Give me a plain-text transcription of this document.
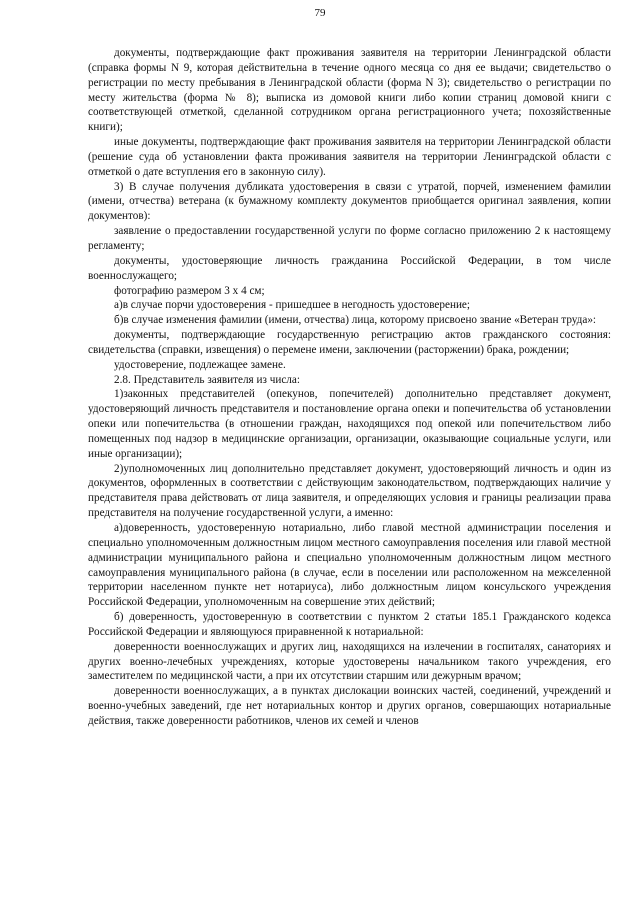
79

документы, подтверждающие факт проживания заявителя на территории Ленинградской области (справка формы N 9, которая действительна в течение одного месяца со дня ее выдачи; свидетельство о регистрации по месту пребывания в Ленинградской области (форма N 3); свидетельство о регистрации по месту жительства (форма № 8); выписка из домовой книги либо копии страниц домовой книги с соответствующей отметкой, сделанной сотрудником органа регистрационного учета; похозяйственные книги);

иные документы, подтверждающие факт проживания заявителя на территории Ленинградской области (решение суда об установлении факта проживания заявителя на территории Ленинградской области с отметкой о дате вступления его в законную силу).

3) В случае получения дубликата удостоверения в связи с утратой, порчей, изменением фамилии (имени, отчества) ветерана (к бумажному комплекту документов приобщается оригинал заявления, копии документов):

заявление о предоставлении государственной услуги по форме согласно приложению 2 к настоящему регламенту;

документы, удостоверяющие личность гражданина Российской Федерации, в том числе военнослужащего;

фотографию размером 3 х 4 см;

а)в случае порчи удостоверения - пришедшее в негодность удостоверение;

б)в случае изменения фамилии (имени, отчества) лица, которому присвоено звание «Ветеран труда»:

документы, подтверждающие государственную регистрацию актов гражданского состояния: свидетельства (справки, извещения) о перемене имени, заключении (расторжении) брака, рождении;

удостоверение, подлежащее замене.

2.8. Представитель заявителя из числа:

1)законных представителей (опекунов, попечителей) дополнительно представляет документ, удостоверяющий личность представителя и постановление органа опеки и попечительства об установлении опеки или попечительства (в отношении граждан, находящихся под опекой или попечительством либо помещенных под надзор в медицинские организации, организации, оказывающие социальные услуги, или иные организации);

2)уполномоченных лиц дополнительно представляет документ, удостоверяющий личность и один из документов, оформленных в соответствии с действующим законодательством, подтверждающих наличие у представителя права действовать от лица заявителя, и определяющих условия и границы реализации права представителя на получение государственной услуги, а именно:

а)доверенность, удостоверенную нотариально, либо главой местной администрации поселения и специально уполномоченным должностным лицом местного самоуправления поселения или главой местной администрации муниципального района и специально уполномоченным должностным лицом местного самоуправления муниципального района (в случае, если в поселении или расположенном на межселенной территории населенном пункте нет нотариуса), либо должностным лицом консульского учреждения Российской Федерации, уполномоченным на совершение этих действий;

б) доверенность, удостоверенную в соответствии с пунктом 2 статьи 185.1 Гражданского кодекса Российской Федерации и являющуюся приравненной к нотариальной:

доверенности военнослужащих и других лиц, находящихся на излечении в госпиталях, санаториях и других военно-лечебных учреждениях, которые удостоверены начальником такого учреждения, его заместителем по медицинской части, а при их отсутствии старшим или дежурным врачом;

доверенности военнослужащих, а в пунктах дислокации воинских частей, соединений, учреждений и военно-учебных заведений, где нет нотариальных контор и других органов, совершающих нотариальные действия, также доверенности работников, членов их семей и членов
